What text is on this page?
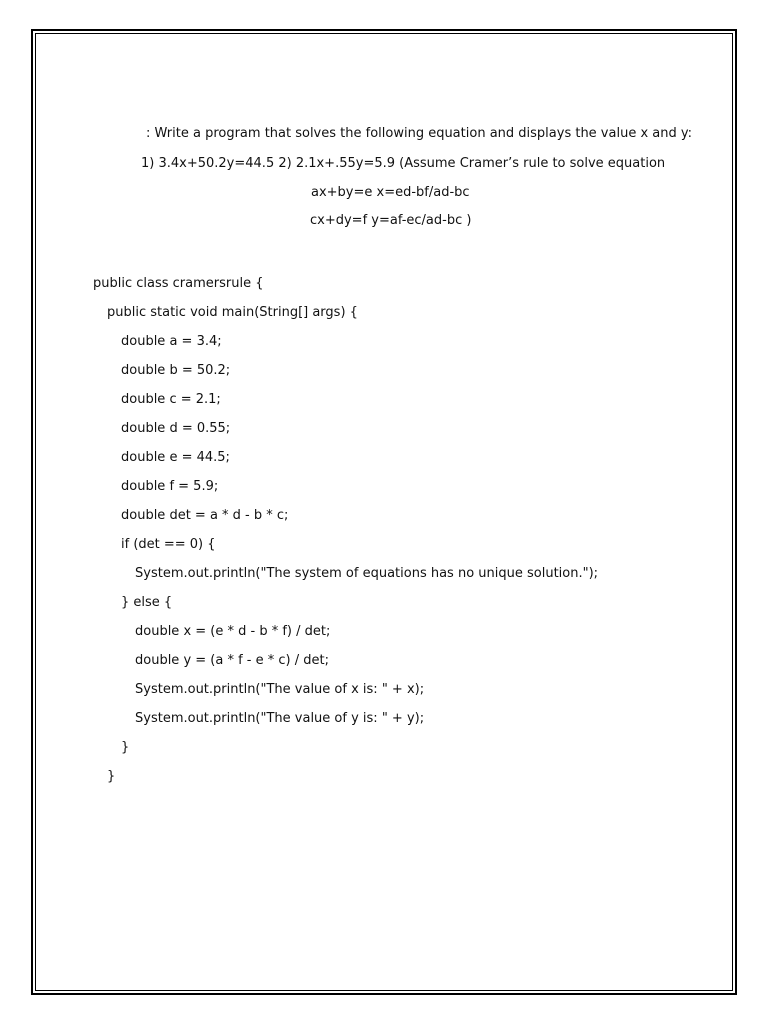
: Write a program that solves the following equation and displays the value x and y:
1) 3.4x+50.2y=44.5 2) 2.1x+.55y=5.9 (Assume Cramer’s rule to solve equation
ax+by=e x=ed-bf/ad-bc
cx+dy=f y=af-ec/ad-bc )
public class cramersrule {
public static void main(String[] args) {
double a = 3.4;
double b = 50.2;
double c = 2.1;
double d = 0.55;
double e = 44.5;
double f = 5.9;
double det = a * d - b * c;
if (det == 0) {
System.out.println("The system of equations has no unique solution.");
} else {
double x = (e * d - b * f) / det;
double y = (a * f - e * c) / det;
System.out.println("The value of x is: " + x);
System.out.println("The value of y is: " + y);
}
}
